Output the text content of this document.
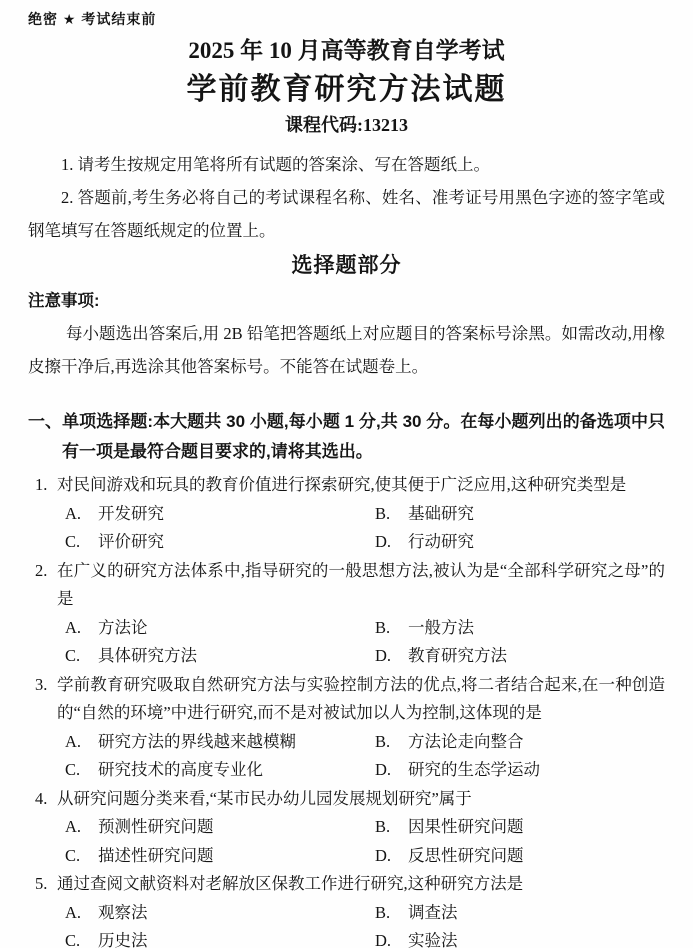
绝密 ★ 考试结束前
2025 年 10 月高等教育自学考试
学前教育研究方法试题
课程代码:13213

1. 请考生按规定用笔将所有试题的答案涂、写在答题纸上。

2. 答题前,考生务必将自己的考试课程名称、姓名、准考证号用黑色字迹的签字笔或钢笔填写在答题纸规定的位置上。

选择题部分
注意事项:

每小题选出答案后,用 2B 铅笔把答题纸上对应题目的答案标号涂黑。如需改动,用橡皮擦干净后,再选涂其他答案标号。不能答在试题卷上。

一、单项选择题:本大题共 30 小题,每小题 1 分,共 30 分。在每小题列出的备选项中只有一项是最符合题目要求的,请将其选出。

1. 对民间游戏和玩具的教育价值进行探索研究,使其便于广泛应用,这种研究类型是

A. 开发研究	B. 基础研究
C. 评价研究	D. 行动研究

2. 在广义的研究方法体系中,指导研究的一般思想方法,被认为是“全部科学研究之母”的是

A. 方法论	B. 一般方法
C. 具体研究方法	D. 教育研究方法

3. 学前教育研究吸取自然研究方法与实验控制方法的优点,将二者结合起来,在一种创造的“自然的环境”中进行研究,而不是对被试加以人为控制,这体现的是

A. 研究方法的界线越来越模糊	B. 方法论走向整合
C. 研究技术的高度专业化	D. 研究的生态学运动

4. 从研究问题分类来看,“某市民办幼儿园发展规划研究”属于

A. 预测性研究问题	B. 因果性研究问题
C. 描述性研究问题	D. 反思性研究问题

5. 通过查阅文献资料对老解放区保教工作进行研究,这种研究方法是

A. 观察法	B. 调查法
C. 历史法	D. 实验法
